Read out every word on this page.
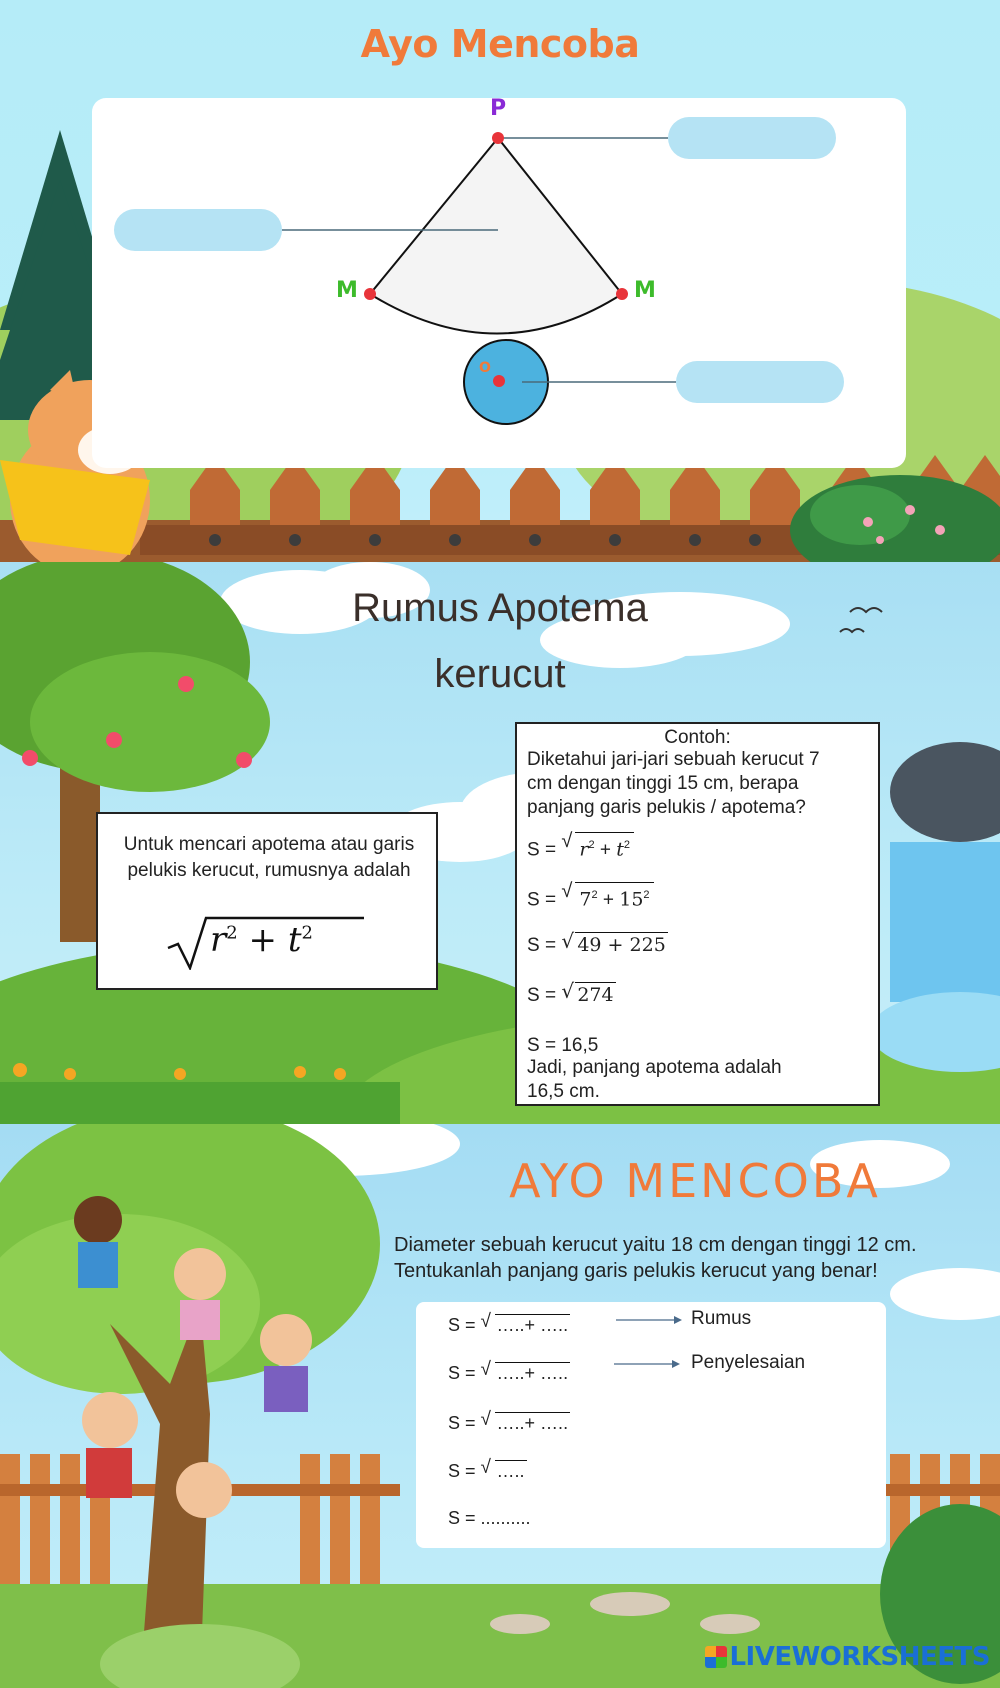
Ayo Mencoba
P
M	M
O
Rumus Apotema
kerucut
Untuk mencari apotema atau garis pelukis kerucut, rumusnya adalah
$r^2 + t^2$
Contoh:
Diketahui jari-jari sebuah kerucut 7
cm dengan tinggi 15 cm, berapa
panjang garis pelukis / apotema?
S = √ $r^2 + t^2$
S = √ $7^2 + 15^2$
S = √ 49 + 225
S = √ 274
S = 16,5
Jadi, panjang apotema adalah
16,5 cm.
AYO MENCOBA
Diameter sebuah kerucut yaitu 18 cm dengan tinggi 12 cm.
Tentukanlah panjang garis pelukis kerucut yang benar!
S = √ …..+ …..
S = √ …..+ …..
S = √ …..+ …..
S = √ …..
S = ..........
Rumus
Penyelesaian
LIVEWORKSHEETS
